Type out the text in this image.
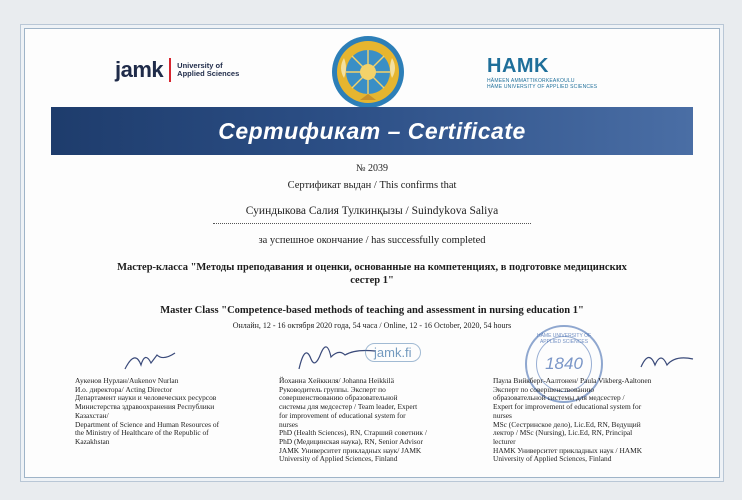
jamk University of
Applied Sciences	HAMK
HÄMEEN AMMATTIKORKEAKOULU
HÄME UNIVERSITY OF APPLIED SCIENCES
Сертификат – Certificate
№ 2039
Сертификат выдан / This confirms that
Суиндыкова Салия Тулкинқызы / Suindykova Saliya
за успешное окончание / has successfully completed
Мастер-класса "Методы преподавания и оценки, основанные на компетенциях, в подготовке медицинских сестер 1"
Master Class "Competence-based methods of teaching and assessment in nursing education 1"
Онлайн, 12 - 16 октября 2020 года, 54 часа / Online, 12 - 16 October, 2020, 54 hours
jamk.fi
HÄME UNIVERSITY OF APPLIED SCIENCES
1840
Аукенов Нурлан/Aukenov Nurlan
И.о. директора/ Acting Director
Департамент науки и человеческих ресурсов
Министерства здравоохранения Республики
Казахстан/
Department of Science and Human Resources of
the Ministry of Healthcare of the Republic of
Kazakhstan
Йоханна Хейккиля/ Johanna Heikkilä
Руководитель группы. Эксперт по
совершенствованию образовательной
системы для медсестер / Team leader, Expert
for improvement of educational system for
nurses
PhD (Health Sciences), RN, Старший советник /
PhD (Медицинская наука), RN, Senior Advisor
JAMK Университет прикладных наук/ JAMK
University of Applied Sciences, Finland
Паула Вийкберг-Аалтонен/ Paula Vikberg-Aaltonen
Эксперт по совершенствованию
образовательной системы для медсестер /
Expert for improvement of educational system for
nurses
MSc (Сестринское дело), Lic.Ed, RN, Ведущий
лектор / MSc (Nursing), Lic.Ed, RN, Principal
lecturer
HAMK Университет прикладных наук / HAMK
University of Applied Sciences, Finland
